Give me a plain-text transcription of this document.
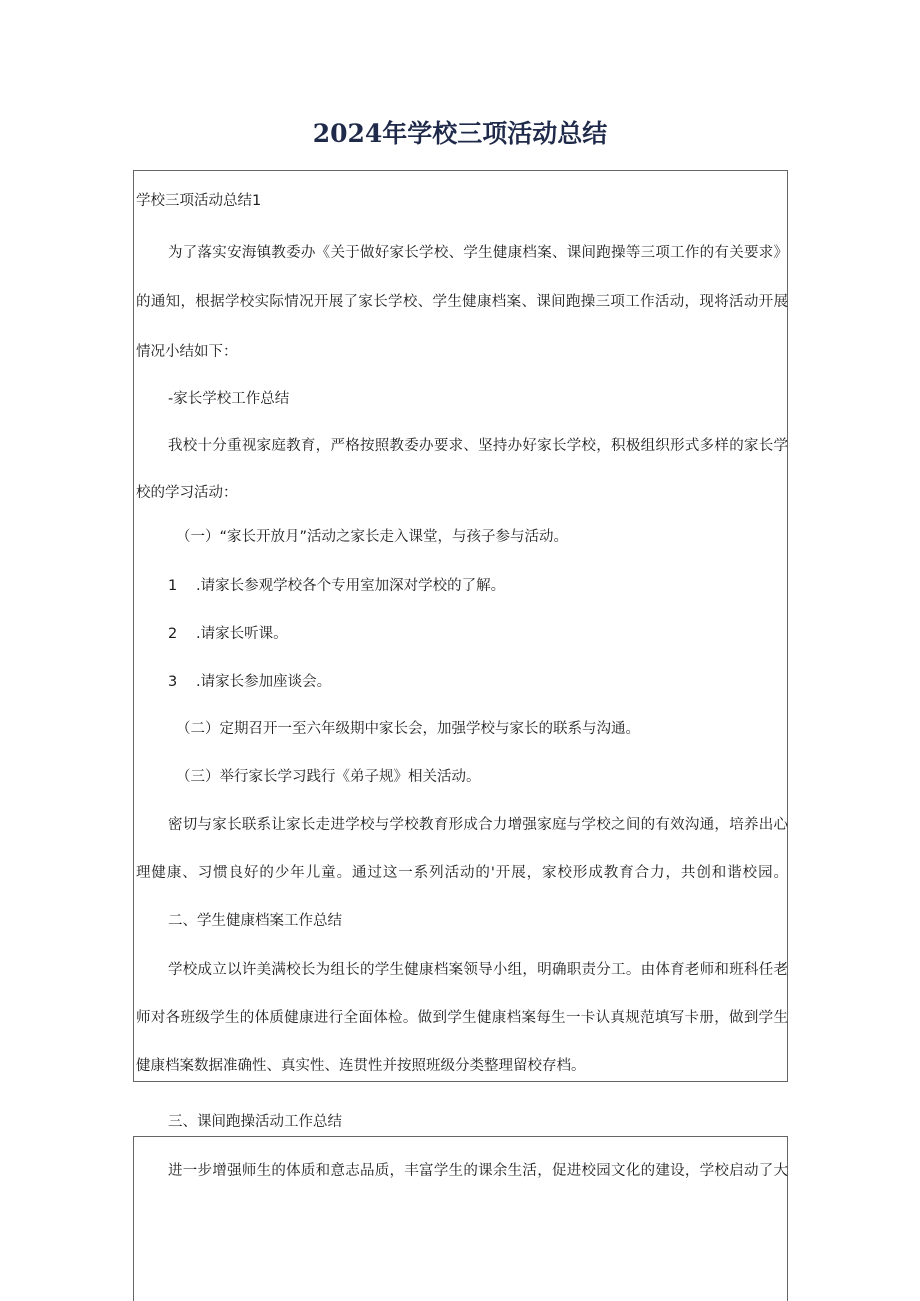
2024年学校三项活动总结

学校三项活动总结1

为了落实安海镇教委办《关于做好家长学校、学生健康档案、课间跑操等三项工作的有关要求》

的通知，根据学校实际情况开展了家长学校、学生健康档案、课间跑操三项工作活动，现将活动开展

情况小结如下：

-家长学校工作总结

我校十分重视家庭教育，严格按照教委办要求、坚持办好家长学校，积极组织形式多样的家长学

校的学习活动：

（一）“家长开放月”活动之家长走入课堂，与孩子参与活动。

1 .请家长参观学校各个专用室加深对学校的了解。

2 .请家长听课。

3 .请家长参加座谈会。

（二）定期召开一至六年级期中家长会，加强学校与家长的联系与沟通。

（三）举行家长学习践行《弟子规》相关活动。

密切与家长联系让家长走进学校与学校教育形成合力增强家庭与学校之间的有效沟通，培养出心

理健康、习惯良好的少年儿童。通过这一系列活动的'开展，家校形成教育合力，共创和谐校园。

二、学生健康档案工作总结

学校成立以许美满校长为组长的学生健康档案领导小组，明确职责分工。由体育老师和班科任老

师对各班级学生的体质健康进行全面体检。做到学生健康档案每生一卡认真规范填写卡册，做到学生

健康档案数据准确性、真实性、连贯性并按照班级分类整理留校存档。

三、课间跑操活动工作总结

进一步增强师生的体质和意志品质，丰富学生的课余生活，促进校园文化的建设，学校启动了大
